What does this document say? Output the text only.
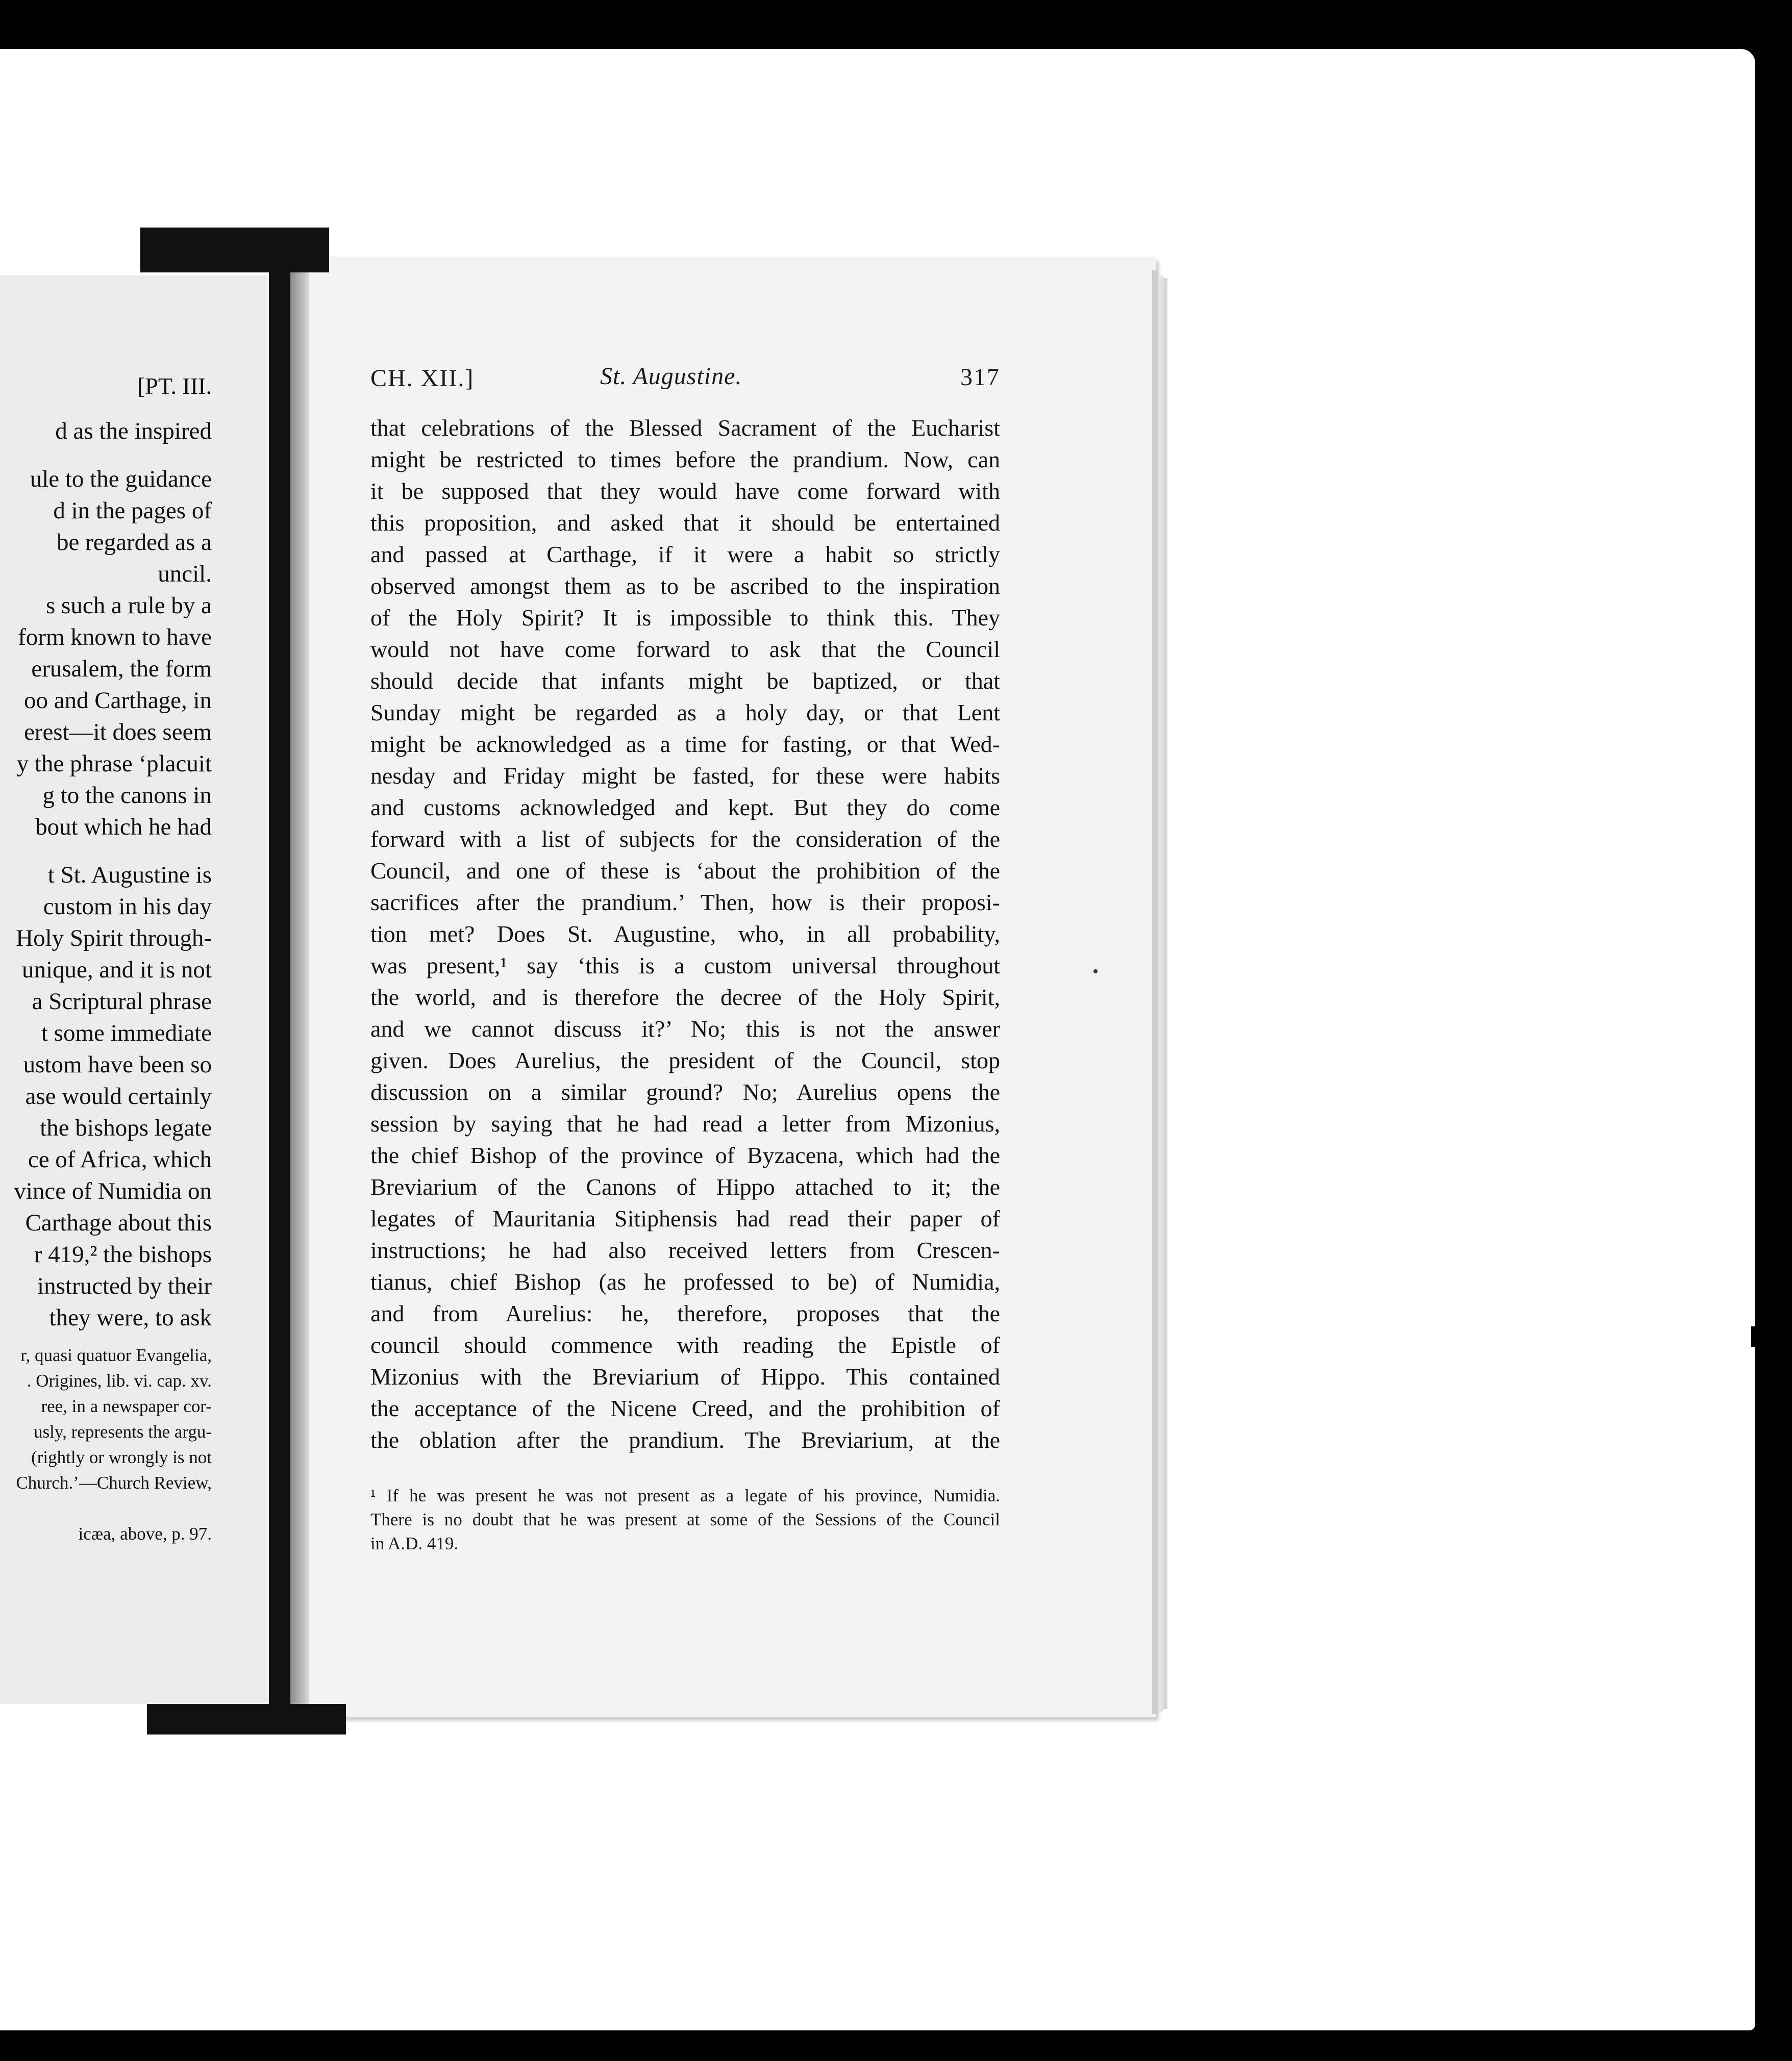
[PT. III.
d as the inspired
ule to the guidance
d in the pages of
be regarded as a
uncil.
s such a rule by a
form known to have
erusalem, the form
oo and Carthage, in
erest—it does seem
y the phrase ‘placuit
g to the canons in
bout which he had
t St. Augustine is
custom in his day
Holy Spirit through-
unique, and it is not
a Scriptural phrase
t some immediate
ustom have been so
ase would certainly
the bishops legate
ce of Africa, which
vince of Numidia on
Carthage about this
r 419,² the bishops
instructed by their
they were, to ask
r, quasi quatuor Evangelia,
. Origines, lib. vi. cap. xv.
ree, in a newspaper cor-
usly, represents the argu-
(rightly or wrongly is not
Church.’—Church Review,
icæa, above, p. 97.
CH. XII.]	St. Augustine.	317
that celebrations of the Blessed Sacrament of the Eucharist
might be restricted to times before the prandium. Now, can
it be supposed that they would have come forward with
this proposition, and asked that it should be entertained
and passed at Carthage, if it were a habit so strictly
observed amongst them as to be ascribed to the inspiration
of the Holy Spirit? It is impossible to think this. They
would not have come forward to ask that the Council
should decide that infants might be baptized, or that
Sunday might be regarded as a holy day, or that Lent
might be acknowledged as a time for fasting, or that Wed-
nesday and Friday might be fasted, for these were habits
and customs acknowledged and kept. But they do come
forward with a list of subjects for the consideration of the
Council, and one of these is ‘about the prohibition of the
sacrifices after the prandium.’ Then, how is their proposi-
tion met? Does St. Augustine, who, in all probability,
was present,¹ say ‘this is a custom universal throughout
the world, and is therefore the decree of the Holy Spirit,
and we cannot discuss it?’ No; this is not the answer
given. Does Aurelius, the president of the Council, stop
discussion on a similar ground? No; Aurelius opens the
session by saying that he had read a letter from Mizonius,
the chief Bishop of the province of Byzacena, which had the
Breviarium of the Canons of Hippo attached to it; the
legates of Mauritania Sitiphensis had read their paper of
instructions; he had also received letters from Crescen-
tianus, chief Bishop (as he professed to be) of Numidia,
and from Aurelius: he, therefore, proposes that the
council should commence with reading the Epistle of
Mizonius with the Breviarium of Hippo. This contained
the acceptance of the Nicene Creed, and the prohibition of
the oblation after the prandium. The Breviarium, at the
¹ If he was present he was not present as a legate of his province, Numidia.
There is no doubt that he was present at some of the Sessions of the Council
in A.D. 419.
